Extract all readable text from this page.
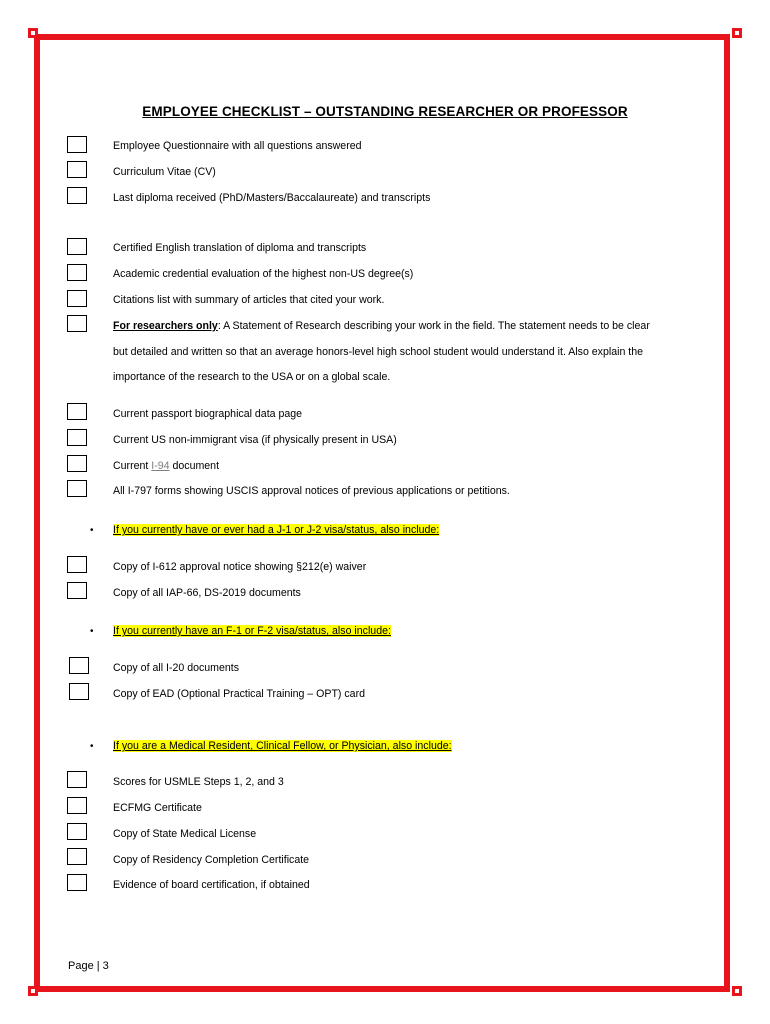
EMPLOYEE CHECKLIST – OUTSTANDING RESEARCHER OR PROFESSOR
Employee Questionnaire with all questions answered
Curriculum Vitae (CV)
Last diploma received (PhD/Masters/Baccalaureate) and transcripts
Certified English translation of diploma and transcripts
Academic credential evaluation of the highest non-US degree(s)
Citations list with summary of articles that cited your work.
For researchers only: A Statement of Research describing your work in the field. The statement needs to be clear
but detailed and written so that an average honors-level high school student would understand it. Also explain the
importance of the research to the USA or on a global scale.
Current passport biographical data page
Current US non-immigrant visa (if physically present in USA)
Current I-94 document
All I-797 forms showing USCIS approval notices of previous applications or petitions.
• If you currently have or ever had a J-1 or J-2 visa/status, also include:
Copy of I-612 approval notice showing §212(e) waiver
Copy of all IAP-66, DS-2019 documents
• If you currently have an F-1 or F-2 visa/status, also include:
Copy of all I-20 documents
Copy of EAD (Optional Practical Training – OPT) card
• If you are a Medical Resident, Clinical Fellow, or Physician, also include:
Scores for USMLE Steps 1, 2, and 3
ECFMG Certificate
Copy of State Medical License
Copy of Residency Completion Certificate
Evidence of board certification, if obtained
Page | 3
